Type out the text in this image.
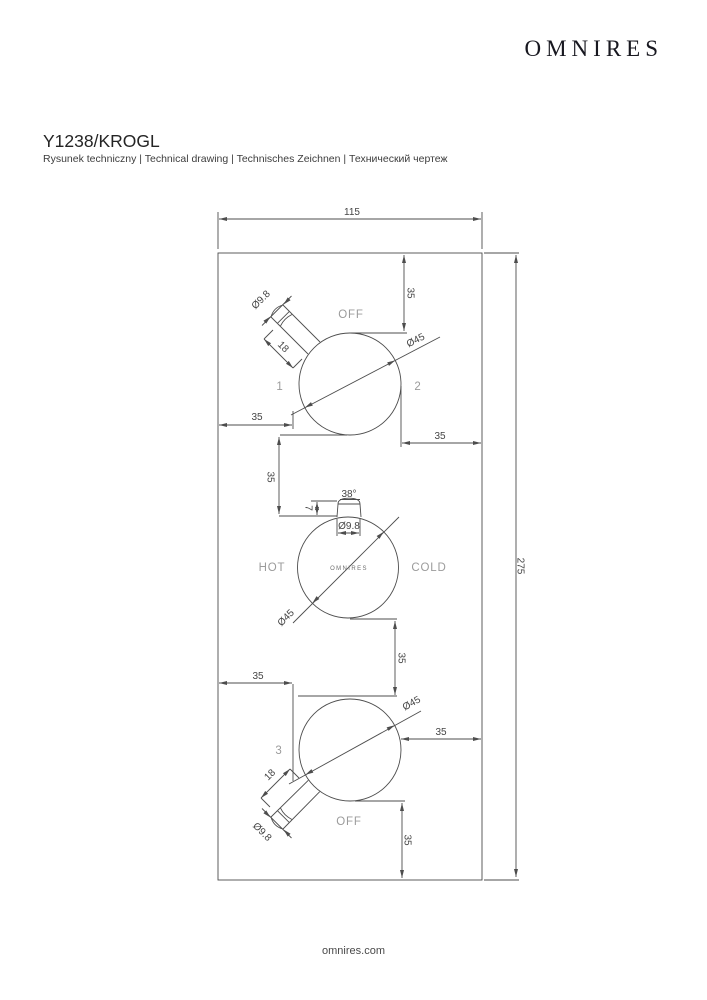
OMNIRES
Y1238/KROGL
Rysunek techniczny | Technical drawing | Technisches Zeichnen | Технический чертеж
115
275
Ø45
Ø9.8
18
35
35
35
OFF
1	2
35
38°
7
Ø9.8
Ø45
HOT	COLD
OMNIRES
35
Ø45
Ø9.8
18
35
35
3
OFF
35
omnires.com
